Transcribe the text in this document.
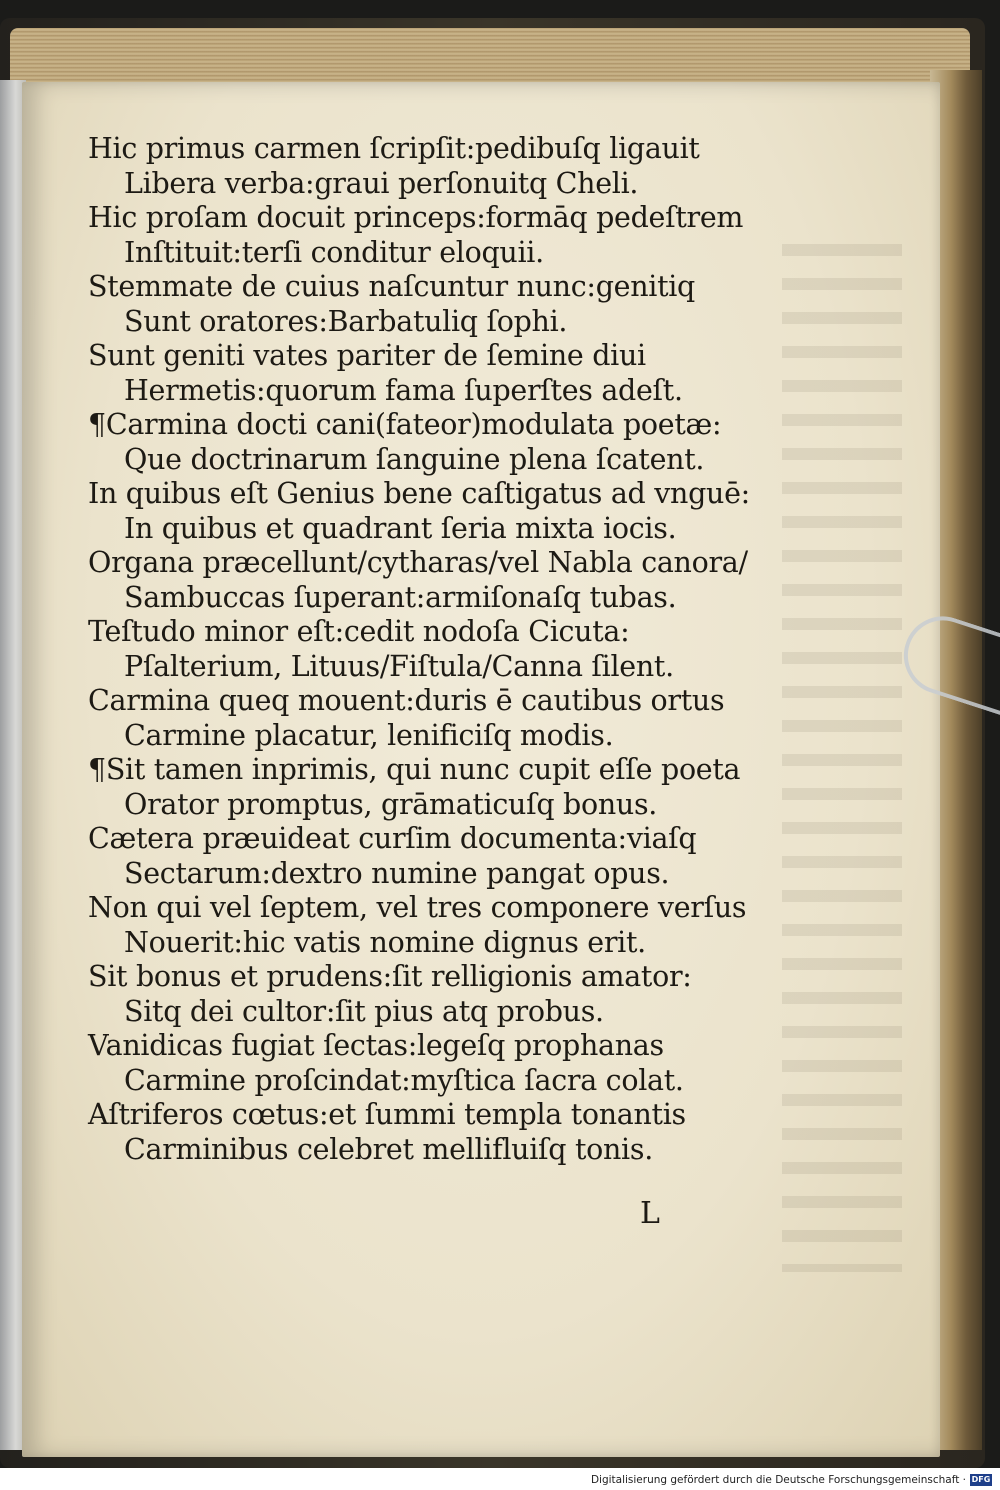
Hic primus carmen ſcripſit:pedibuſq ligauit
Libera verba:graui perſonuitq Cheli.
Hic proſam docuit princeps:formāq pedeſtrem
Inſtituit:terſi conditur eloquii.
Stemmate de cuius naſcuntur nunc:genitiq
Sunt oratores:Barbatuliq ſophi.
Sunt geniti vates pariter de ſemine diui
Hermetis:quorum fama ſuperſtes adeſt.
¶Carmina docti cani(fateor)modulata poetæ:
Que doctrinarum ſanguine plena ſcatent.
In quibus eſt Genius bene caſtigatus ad vnguē:
In quibus et quadrant ſeria mixta iocis.
Organa præcellunt/cytharas/vel Nabla canora/
Sambuccas ſuperant:armiſonaſq tubas.
Teſtudo minor eſt:cedit nodoſa Cicuta:
Pſalterium, Lituus/Fiſtula/Canna ſilent.
Carmina queq mouent:duris ē cautibus ortus
Carmine placatur, lenificiſq modis.
¶Sit tamen inprimis, qui nunc cupit eſſe poeta
Orator promptus, grāmaticuſq bonus.
Cætera præuideat curſim documenta:viaſq
Sectarum:dextro numine pangat opus.
Non qui vel ſeptem, vel tres componere verſus
Nouerit:hic vatis nomine dignus erit.
Sit bonus et prudens:ſit relligionis amator:
Sitq dei cultor:ſit pius atq probus.
Vanidicas fugiat ſectas:legeſq prophanas
Carmine proſcindat:myſtica ſacra colat.
Aſtriferos cœtus:et ſummi templa tonantis
Carminibus celebret mellifluiſq tonis.
L
Digitalisierung gefördert durch die Deutsche Forschungsgemeinschaft · DFG
